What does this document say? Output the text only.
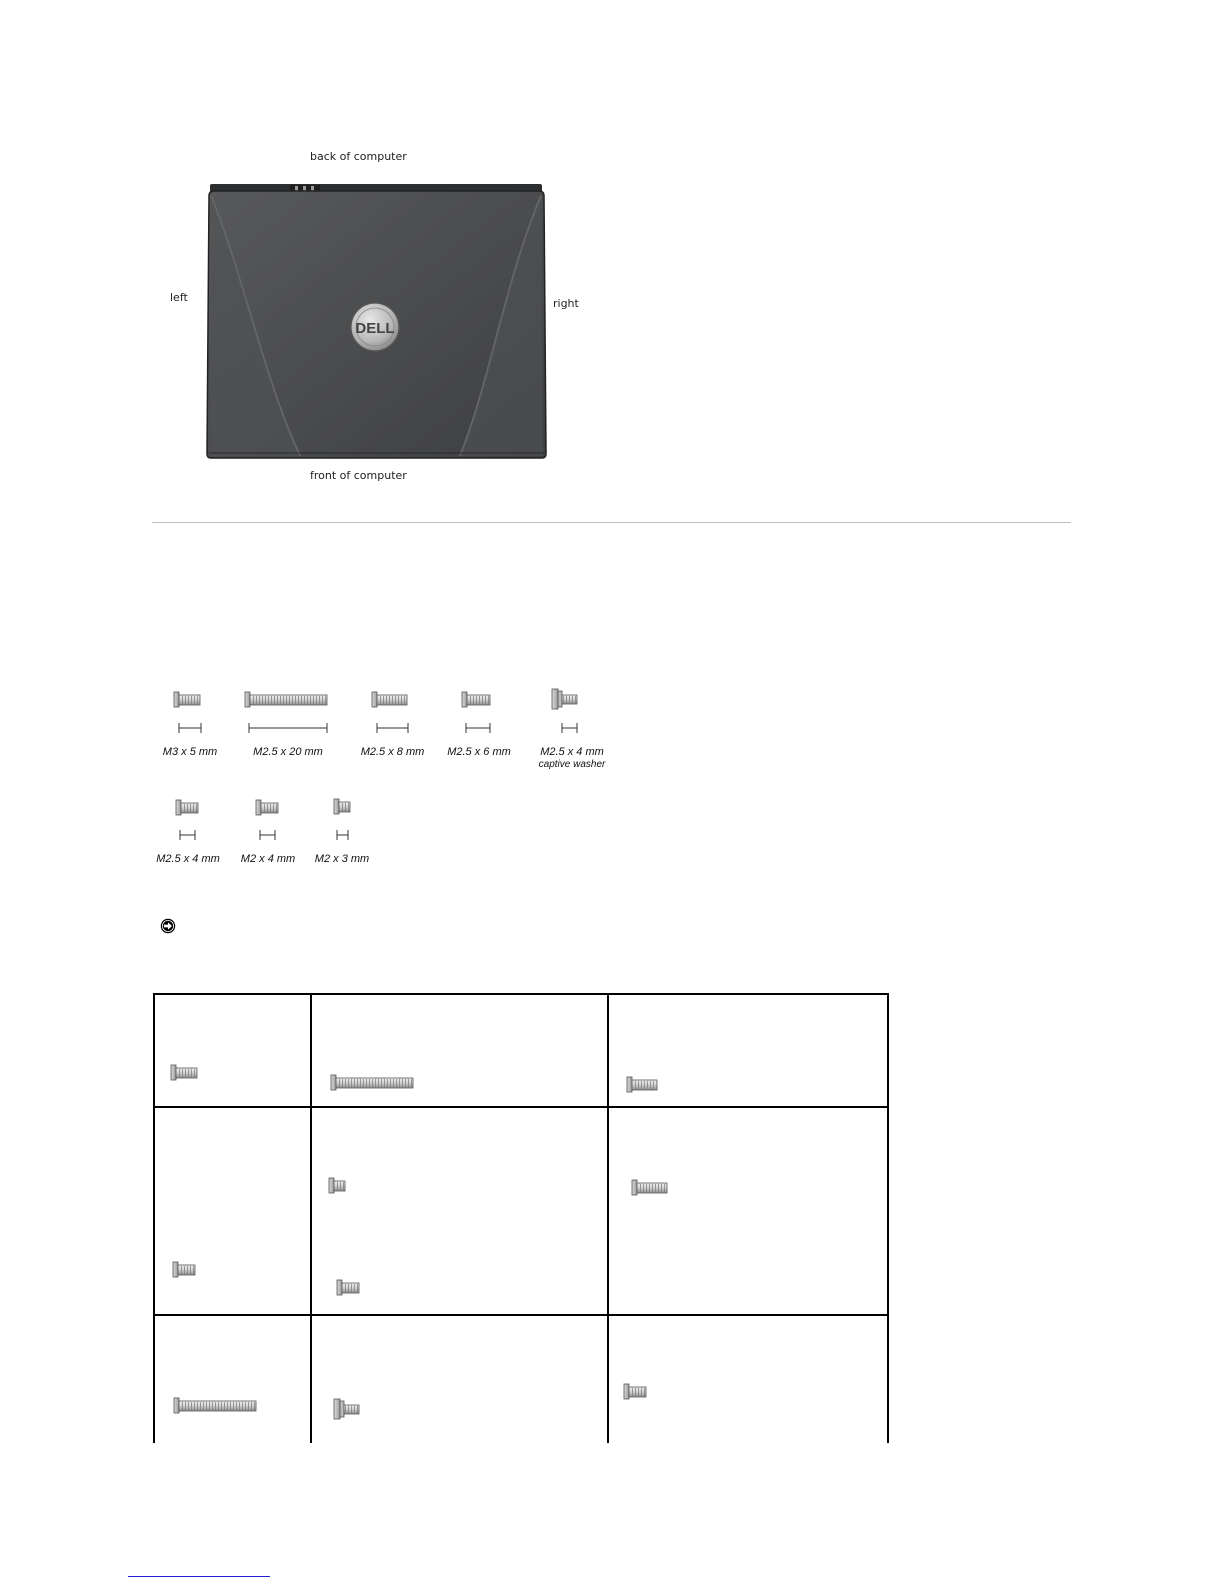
back of computer
left	right
front of computer
DELL
M3 x 5 mm	M2.5 x 20 mm	M2.5 x 8 mm	M2.5 x 6 mm	M2.5 x 4 mm
captive washer
M2.5 x 4 mm	M2 x 4 mm	M2 x 3 mm
